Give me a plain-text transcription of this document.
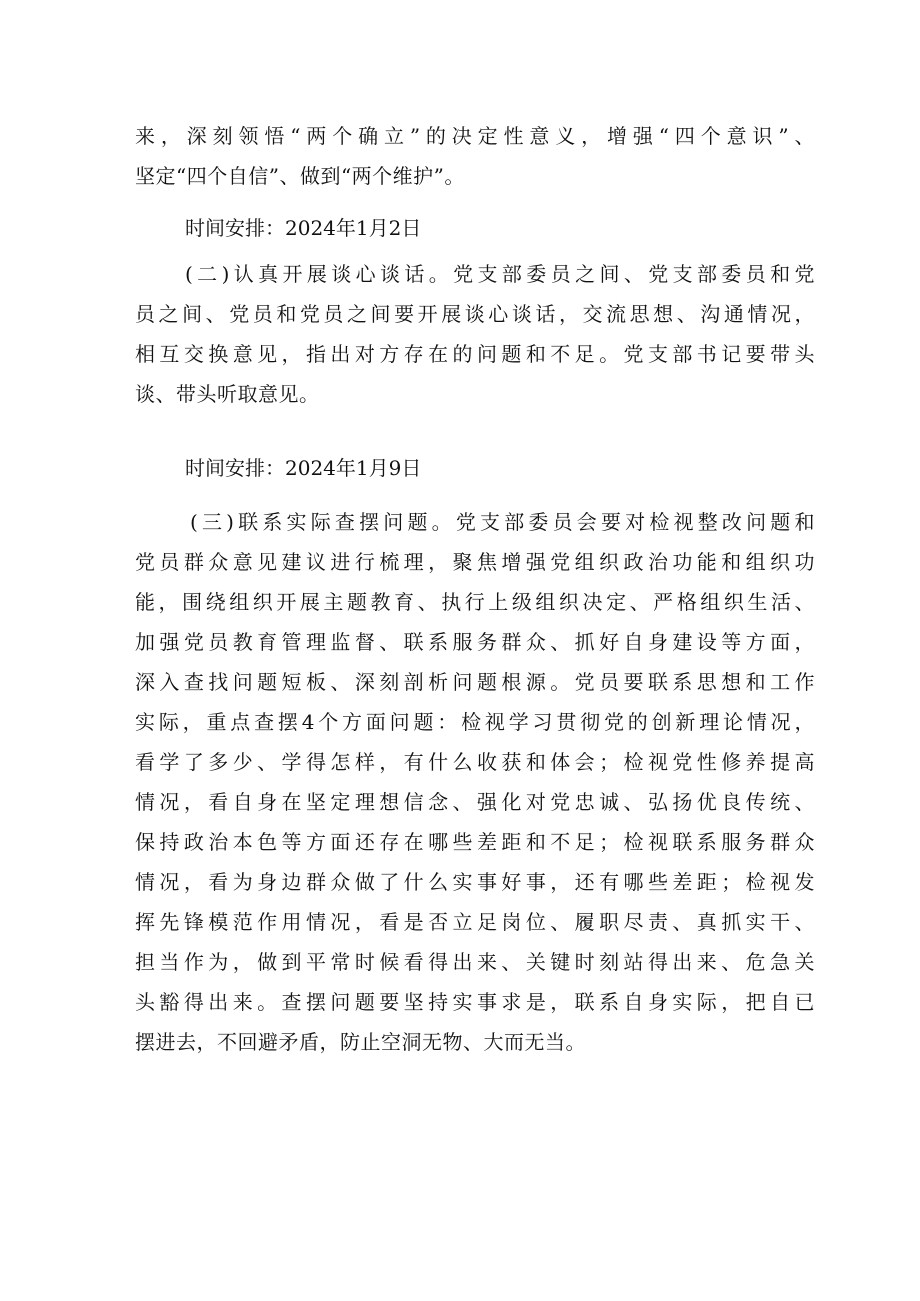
来，深刻领悟“两个确立”的决定性意义，增强“四个意识”、
坚定“四个自信”、做到“两个维护”。
时间安排：2024年1月2日
(二)认真开展谈心谈话。党支部委员之间、党支部委员和党
员之间、党员和党员之间要开展谈心谈话，交流思想、沟通情况，
相互交换意见，指出对方存在的问题和不足。党支部书记要带头
谈、带头听取意见。
时间安排：2024年1月9日
(三)联系实际查摆问题。党支部委员会要对检视整改问题和
党员群众意见建议进行梳理，聚焦增强党组织政治功能和组织功
能，围绕组织开展主题教育、执行上级组织决定、严格组织生活、
加强党员教育管理监督、联系服务群众、抓好自身建设等方面，
深入查找问题短板、深刻剖析问题根源。党员要联系思想和工作
实际，重点查摆4个方面问题：检视学习贯彻党的创新理论情况，
看学了多少、学得怎样，有什么收获和体会；检视党性修养提高
情况，看自身在坚定理想信念、强化对党忠诚、弘扬优良传统、
保持政治本色等方面还存在哪些差距和不足；检视联系服务群众
情况，看为身边群众做了什么实事好事，还有哪些差距；检视发
挥先锋模范作用情况，看是否立足岗位、履职尽责、真抓实干、
担当作为，做到平常时候看得出来、关键时刻站得出来、危急关
头豁得出来。查摆问题要坚持实事求是，联系自身实际，把自已
摆进去，不回避矛盾，防止空洞无物、大而无当。
